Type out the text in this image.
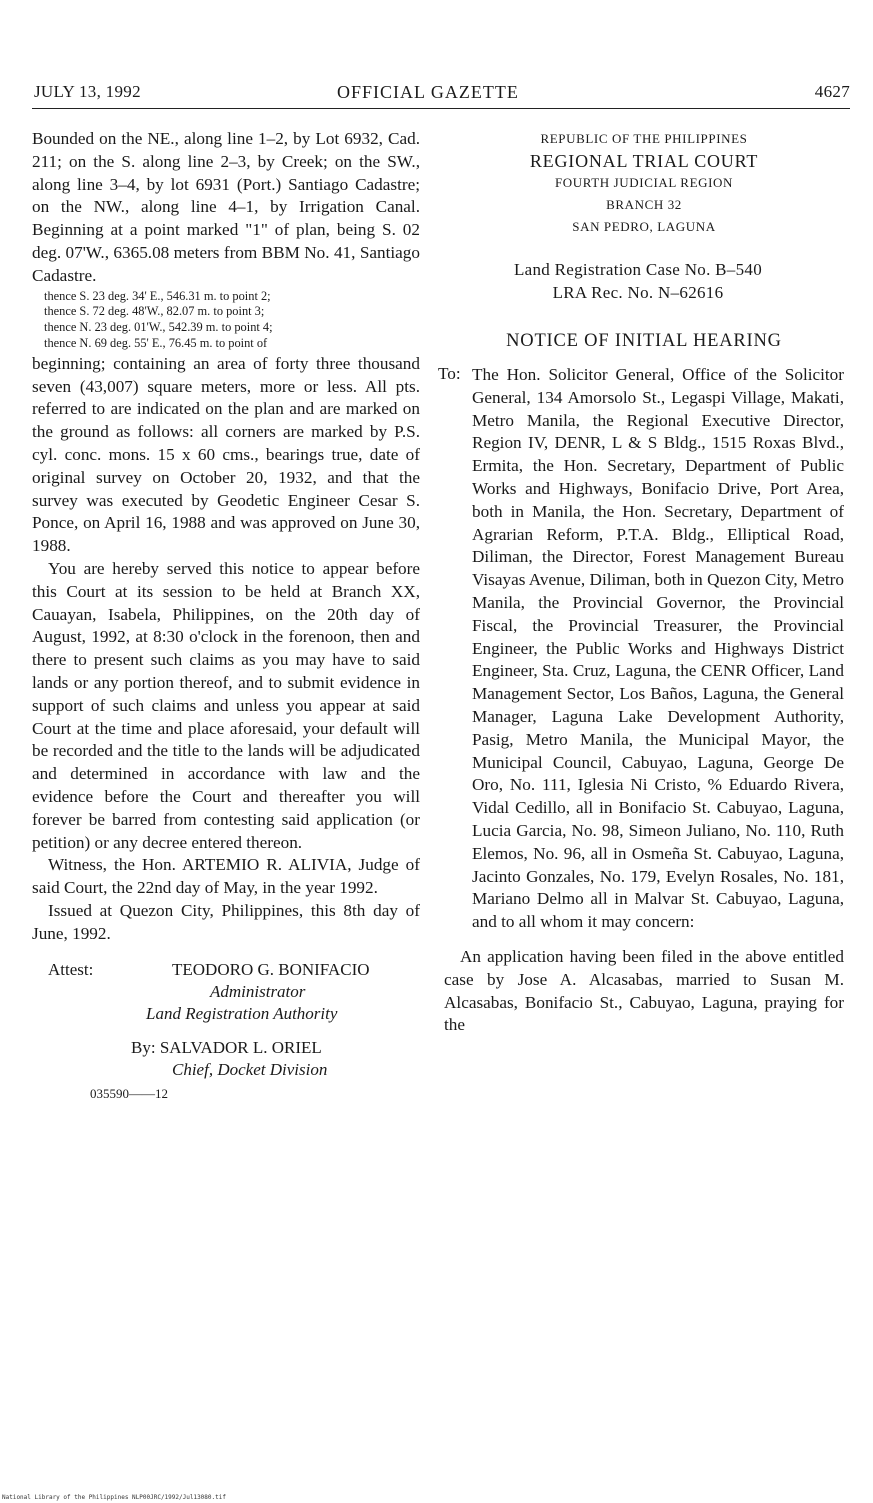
JULY 13, 1992	OFFICIAL GAZETTE	4627

Bounded on the NE., along line 1–2, by Lot 6932, Cad. 211; on the S. along line 2–3, by Creek; on the SW., along line 3–4, by lot 6931 (Port.) Santiago Cadastre; on the NW., along line 4–1, by Irrigation Canal. Beginning at a point marked "1" of plan, being S. 02 deg. 07'W., 6365.08 meters from BBM No. 41, Santiago Cadastre.

thence S. 23 deg. 34' E., 546.31 m. to point 2;
thence S. 72 deg. 48'W., 82.07 m. to point 3;
thence N. 23 deg. 01'W., 542.39 m. to point 4;
thence N. 69 deg. 55' E., 76.45 m. to point of

beginning; containing an area of forty three thousand seven (43,007) square meters, more or less. All pts. referred to are indicated on the plan and are marked on the ground as follows: all corners are marked by P.S. cyl. conc. mons. 15 x 60 cms., bearings true, date of original survey on October 20, 1932, and that the survey was executed by Geodetic Engineer Cesar S. Ponce, on April 16, 1988 and was approved on June 30, 1988.

You are hereby served this notice to appear before this Court at its session to be held at Branch XX, Cauayan, Isabela, Philippines, on the 20th day of August, 1992, at 8:30 o'clock in the forenoon, then and there to present such claims as you may have to said lands or any portion thereof, and to submit evidence in support of such claims and unless you appear at said Court at the time and place aforesaid, your default will be recorded and the title to the lands will be adjudicated and determined in accordance with law and the evidence before the Court and thereafter you will forever be barred from contesting said application (or petition) or any decree entered thereon.

Witness, the Hon. ARTEMIO R. ALIVIA, Judge of said Court, the 22nd day of May, in the year 1992.

Issued at Quezon City, Philippines, this 8th day of June, 1992.

Attest:	TEODORO G. BONIFACIO
Administrator
Land Registration Authority
By: SALVADOR L. ORIEL
Chief, Docket Division
035590——12
REPUBLIC OF THE PHILIPPINES
REGIONAL TRIAL COURT
FOURTH JUDICIAL REGION
BRANCH 32
SAN PEDRO, LAGUNA
Land Registration Case No. B–540
LRA Rec. No. N–62616
NOTICE OF INITIAL HEARING
To: The Hon. Solicitor General, Office of the Solicitor General, 134 Amorsolo St., Legaspi Village, Makati, Metro Manila, the Regional Executive Director, Region IV, DENR, L & S Bldg., 1515 Roxas Blvd., Ermita, the Hon. Secretary, Department of Public Works and Highways, Bonifacio Drive, Port Area, both in Manila, the Hon. Secretary, Department of Agrarian Reform, P.T.A. Bldg., Elliptical Road, Diliman, the Director, Forest Management Bureau Visayas Avenue, Diliman, both in Quezon City, Metro Manila, the Provincial Governor, the Provincial Fiscal, the Provincial Treasurer, the Provincial Engineer, the Public Works and Highways District Engineer, Sta. Cruz, Laguna, the CENR Officer, Land Management Sector, Los Baños, Laguna, the General Manager, Laguna Lake Development Authority, Pasig, Metro Manila, the Municipal Mayor, the Municipal Council, Cabuyao, Laguna, George De Oro, No. 111, Iglesia Ni Cristo, % Eduardo Rivera, Vidal Cedillo, all in Bonifacio St. Cabuyao, Laguna, Lucia Garcia, No. 98, Simeon Juliano, No. 110, Ruth Elemos, No. 96, all in Osmeña St. Cabuyao, Laguna, Jacinto Gonzales, No. 179, Evelyn Rosales, No. 181, Mariano Delmo all in Malvar St. Cabuyao, Laguna, and to all whom it may concern:

An application having been filed in the above entitled case by Jose A. Alcasabas, married to Susan M. Alcasabas, Bonifacio St., Cabuyao, Laguna, praying for the

National Library of the Philippines NLP00JRC/1992/Jul13080.tif
